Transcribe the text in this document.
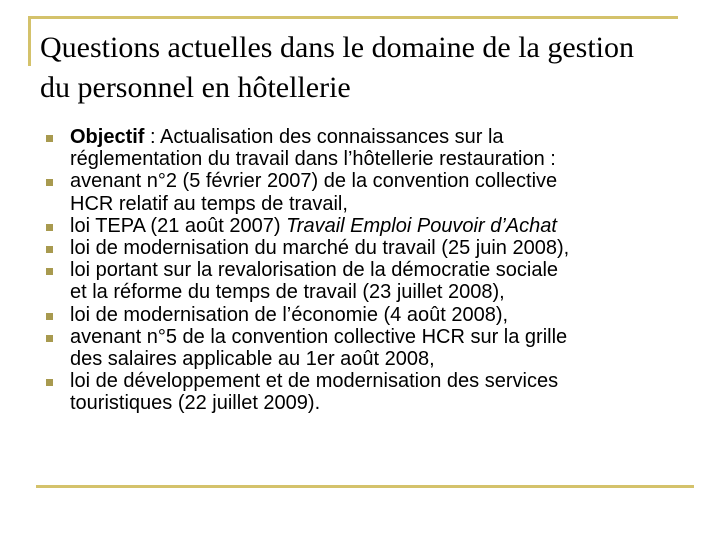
Questions actuelles dans le domaine de la gestion
du personnel en hôtellerie
Objectif : Actualisation des connaissances sur la
réglementation du travail dans l’hôtellerie restauration :
avenant n°2 (5 février 2007) de la convention collective
HCR relatif au temps de travail,
loi TEPA (21 août 2007) Travail Emploi Pouvoir d’Achat
loi de modernisation du marché du travail (25 juin 2008),
loi portant sur la revalorisation de la démocratie sociale
et la réforme du temps de travail (23 juillet 2008),
loi de modernisation de l’économie (4 août 2008),
avenant n°5 de la convention collective HCR sur la grille
des salaires applicable au 1er août 2008,
loi de développement et de modernisation des services
touristiques (22 juillet 2009).
